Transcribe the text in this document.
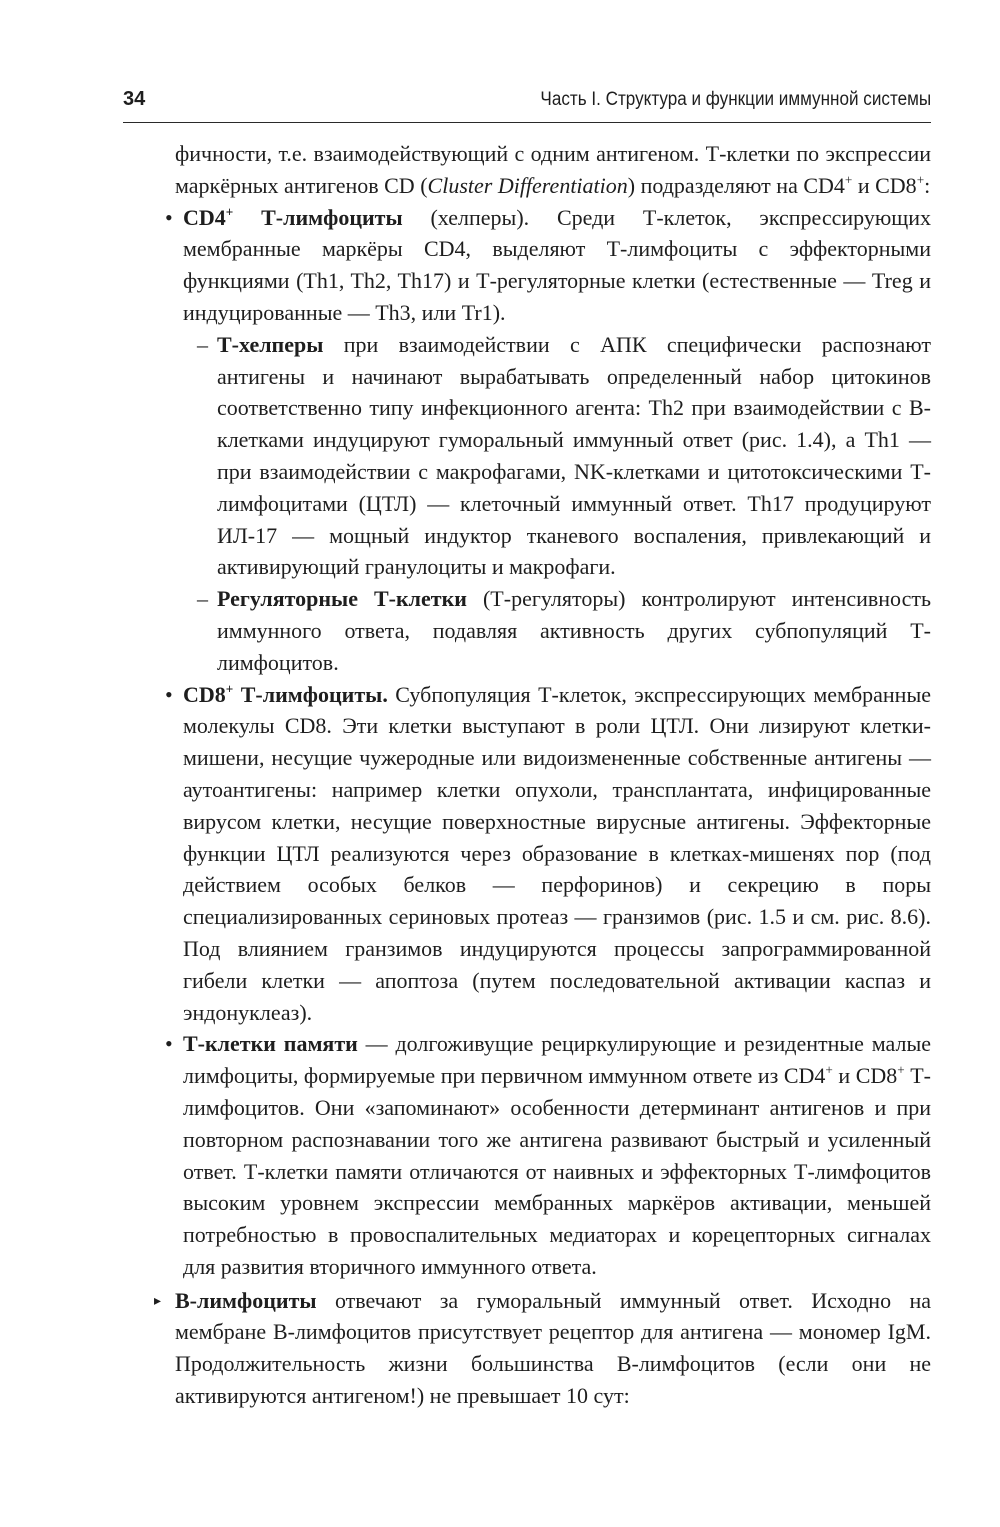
34	Часть I. Структура и функции иммунной системы

фичности, т.е. взаимодействующий с одним антигеном. Т-клетки по экспрессии маркёрных антигенов CD (Cluster Differentiation) подразделяют на CD4+ и CD8+:

• CD4+ Т-лимфоциты (хелперы). Среди Т-клеток, экспрессирующих мембранные маркёры CD4, выделяют Т-лимфоциты с эффекторными функциями (Th1, Th2, Th17) и Т-регуляторные клетки (естественные — Treg и индуцированные — Th3, или Tr1).

– Т-хелперы при взаимодействии с АПК специфически распознают антигены и начинают вырабатывать определенный набор цитокинов соответственно типу инфекционного агента: Th2 при взаимодействии с В-клетками индуцируют гуморальный иммунный ответ (рис. 1.4), а Th1 — при взаимодействии с макрофагами, NK-клетками и цитотоксическими Т-лимфоцитами (ЦТЛ) — клеточный иммунный ответ. Th17 продуцируют ИЛ-17 — мощный индуктор тканевого воспаления, привлекающий и активирующий гранулоциты и макрофаги.

– Регуляторные Т-клетки (Т-регуляторы) контролируют интенсивность иммунного ответа, подавляя активность других субпопуляций Т-лимфоцитов.

• CD8+ Т-лимфоциты. Субпопуляция Т-клеток, экспрессирующих мембранные молекулы CD8. Эти клетки выступают в роли ЦТЛ. Они лизируют клетки-мишени, несущие чужеродные или видоизмененные собственные антигены — аутоантигены: например клетки опухоли, трансплантата, инфицированные вирусом клетки, несущие поверхностные вирусные антигены. Эффекторные функции ЦТЛ реализуются через образование в клетках-мишенях пор (под действием особых белков — перфоринов) и секрецию в поры специализированных сериновых протеаз — гранзимов (рис. 1.5 и см. рис. 8.6). Под влиянием гранзимов индуцируются процессы запрограммированной гибели клетки — апоптоза (путем последовательной активации каспаз и эндонуклеаз).

• Т-клетки памяти — долгоживущие рециркулирующие и резидентные малые лимфоциты, формируемые при первичном иммунном ответе из CD4+ и CD8+ Т-лимфоцитов. Они «запоминают» особенности детерминант антигенов и при повторном распознавании того же антигена развивают быстрый и усиленный ответ. Т-клетки памяти отличаются от наивных и эффекторных Т-лимфоцитов высоким уровнем экспрессии мембранных маркёров активации, меньшей потребностью в провоспалительных медиаторах и корецепторных сигналах для развития вторичного иммунного ответа.

▸ В-лимфоциты отвечают за гуморальный иммунный ответ. Исходно на мембране В-лимфоцитов присутствует рецептор для антигена — мономер IgM. Продолжительность жизни большинства В-лимфоцитов (если они не активируются антигеном!) не превышает 10 сут:
